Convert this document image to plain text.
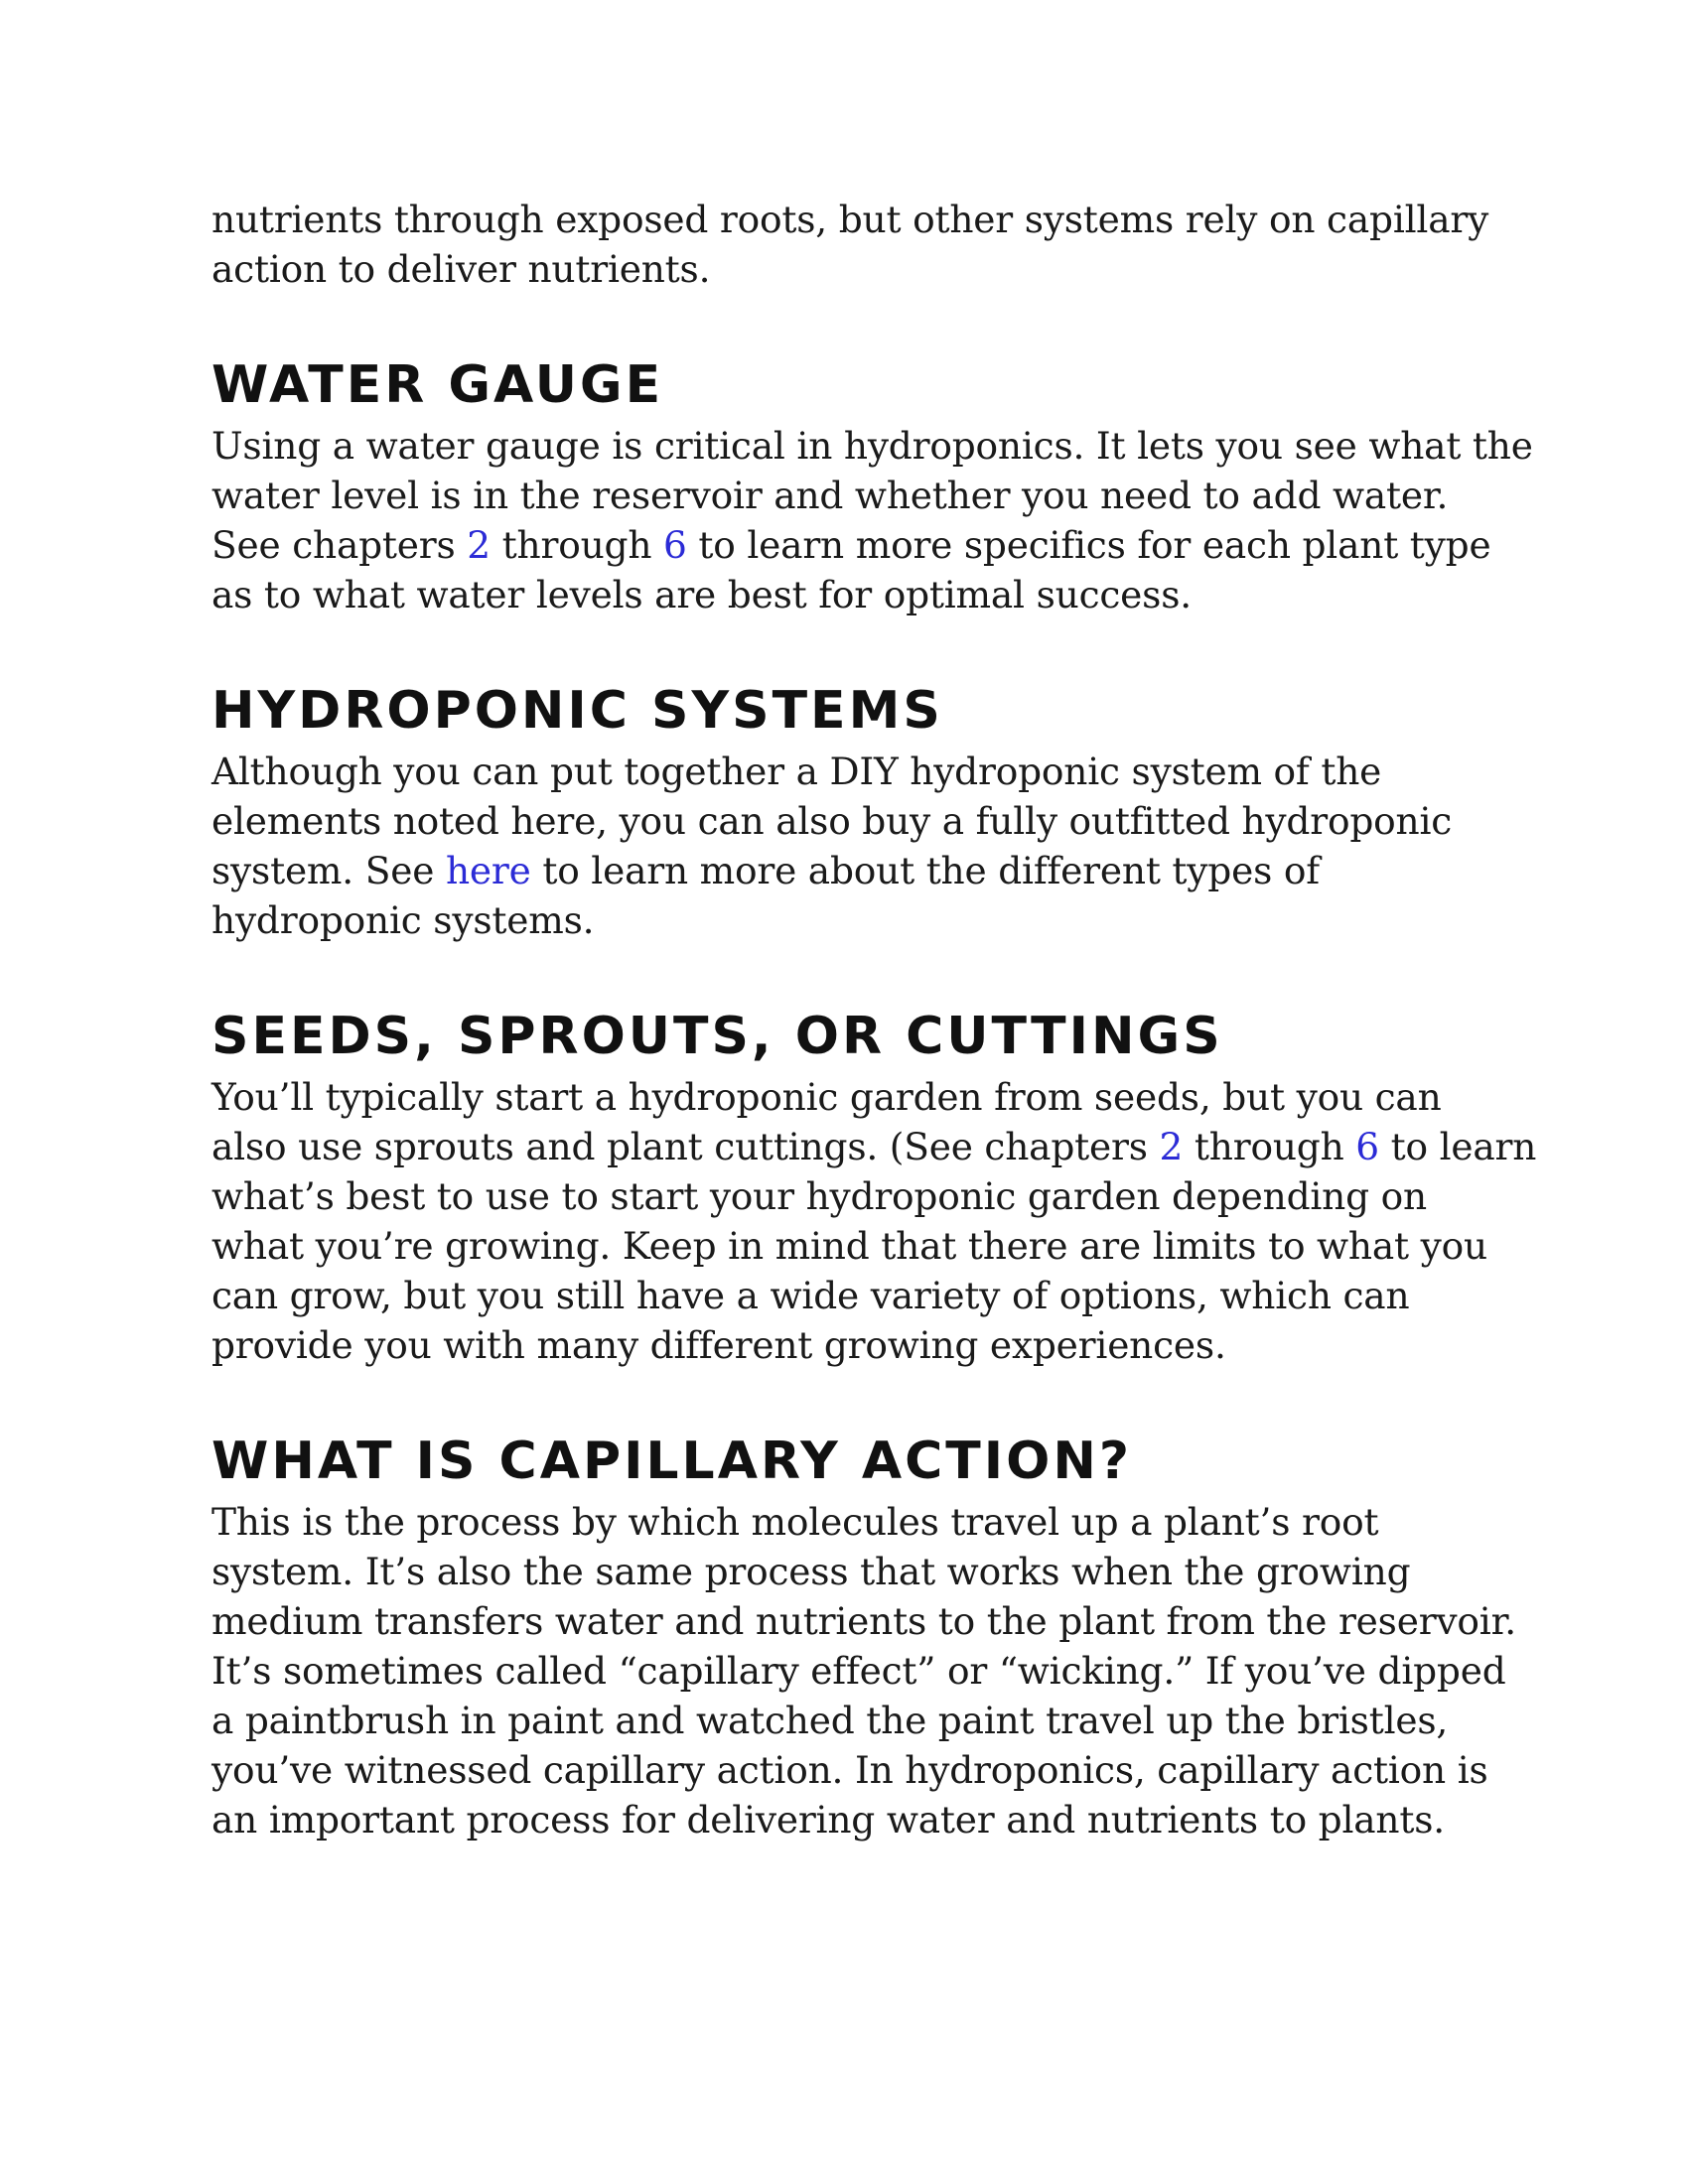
nutrients through exposed roots, but other systems rely on capillary
action to deliver nutrients.

WATER GAUGE

Using a water gauge is critical in hydroponics. It lets you see what the
water level is in the reservoir and whether you need to add water.
See chapters 2 through 6 to learn more specifics for each plant type
as to what water levels are best for optimal success.

HYDROPONIC SYSTEMS

Although you can put together a DIY hydroponic system of the
elements noted here, you can also buy a fully outfitted hydroponic
system. See here to learn more about the different types of
hydroponic systems.

SEEDS, SPROUTS, OR CUTTINGS

You’ll typically start a hydroponic garden from seeds, but you can
also use sprouts and plant cuttings. (See chapters 2 through 6 to learn
what’s best to use to start your hydroponic garden depending on
what you’re growing. Keep in mind that there are limits to what you
can grow, but you still have a wide variety of options, which can
provide you with many different growing experiences.

WHAT IS CAPILLARY ACTION?

This is the process by which molecules travel up a plant’s root
system. It’s also the same process that works when the growing
medium transfers water and nutrients to the plant from the reservoir.
It’s sometimes called “capillary effect” or “wicking.” If you’ve dipped
a paintbrush in paint and watched the paint travel up the bristles,
you’ve witnessed capillary action. In hydroponics, capillary action is
an important process for delivering water and nutrients to plants.
